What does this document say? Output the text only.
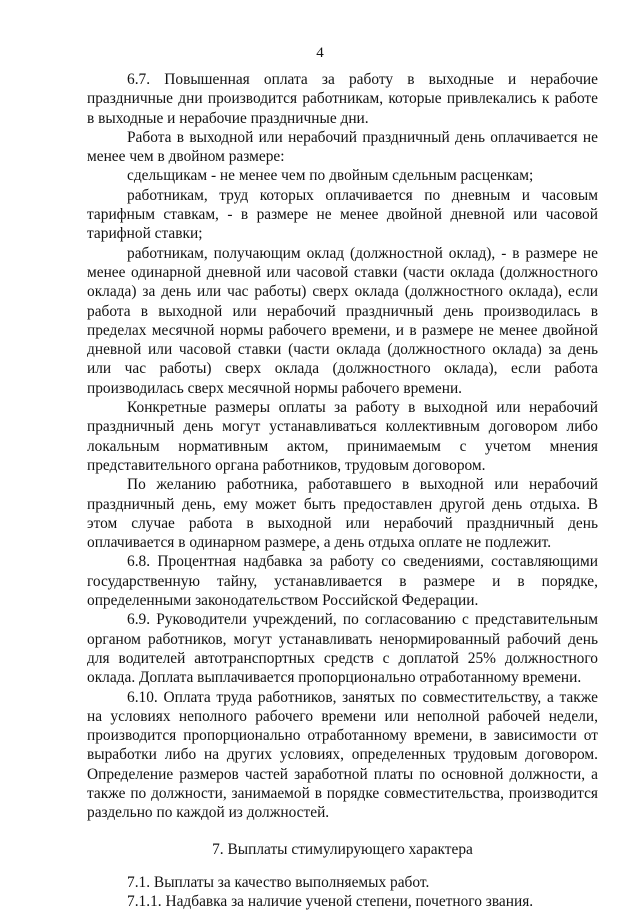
4

6.7. Повышенная оплата за работу в выходные и нерабочие праздничные дни производится работникам, которые привлекались к работе в выходные и нерабочие праздничные дни.

Работа в выходной или нерабочий праздничный день оплачивается не менее чем в двойном размере:

сдельщикам - не менее чем по двойным сдельным расценкам;

работникам, труд которых оплачивается по дневным и часовым тарифным ставкам, - в размере не менее двойной дневной или часовой тарифной ставки;

работникам, получающим оклад (должностной оклад), - в размере не менее одинарной дневной или часовой ставки (части оклада (должностного оклада) за день или час работы) сверх оклада (должностного оклада), если работа в выходной или нерабочий праздничный день производилась в пределах месячной нормы рабочего времени, и в размере не менее двойной дневной или часовой ставки (части оклада (должностного оклада) за день или час работы) сверх оклада (должностного оклада), если работа производилась сверх месячной нормы рабочего времени.

Конкретные размеры оплаты за работу в выходной или нерабочий праздничный день могут устанавливаться коллективным договором либо локальным нормативным актом, принимаемым с учетом мнения представительного органа работников, трудовым договором.

По желанию работника, работавшего в выходной или нерабочий праздничный день, ему может быть предоставлен другой день отдыха. В этом случае работа в выходной или нерабочий праздничный день оплачивается в одинарном размере, а день отдыха оплате не подлежит.

6.8. Процентная надбавка за работу со сведениями, составляющими государственную тайну, устанавливается в размере и в порядке, определенными законодательством Российской Федерации.

6.9. Руководители учреждений, по согласованию с представительным органом работников, могут устанавливать ненормированный рабочий день для водителей автотранспортных средств с доплатой 25% должностного оклада. Доплата выплачивается пропорционально отработанному времени.

6.10. Оплата труда работников, занятых по совместительству, а также на условиях неполного рабочего времени или неполной рабочей недели, производится пропорционально отработанному времени, в зависимости от выработки либо на других условиях, определенных трудовым договором. Определение размеров частей заработной платы по основной должности, а также по должности, занимаемой в порядке совместительства, производится раздельно по каждой из должностей.

7. Выплаты стимулирующего характера

7.1. Выплаты за качество выполняемых работ.

7.1.1. Надбавка за наличие ученой степени, почетного звания.
